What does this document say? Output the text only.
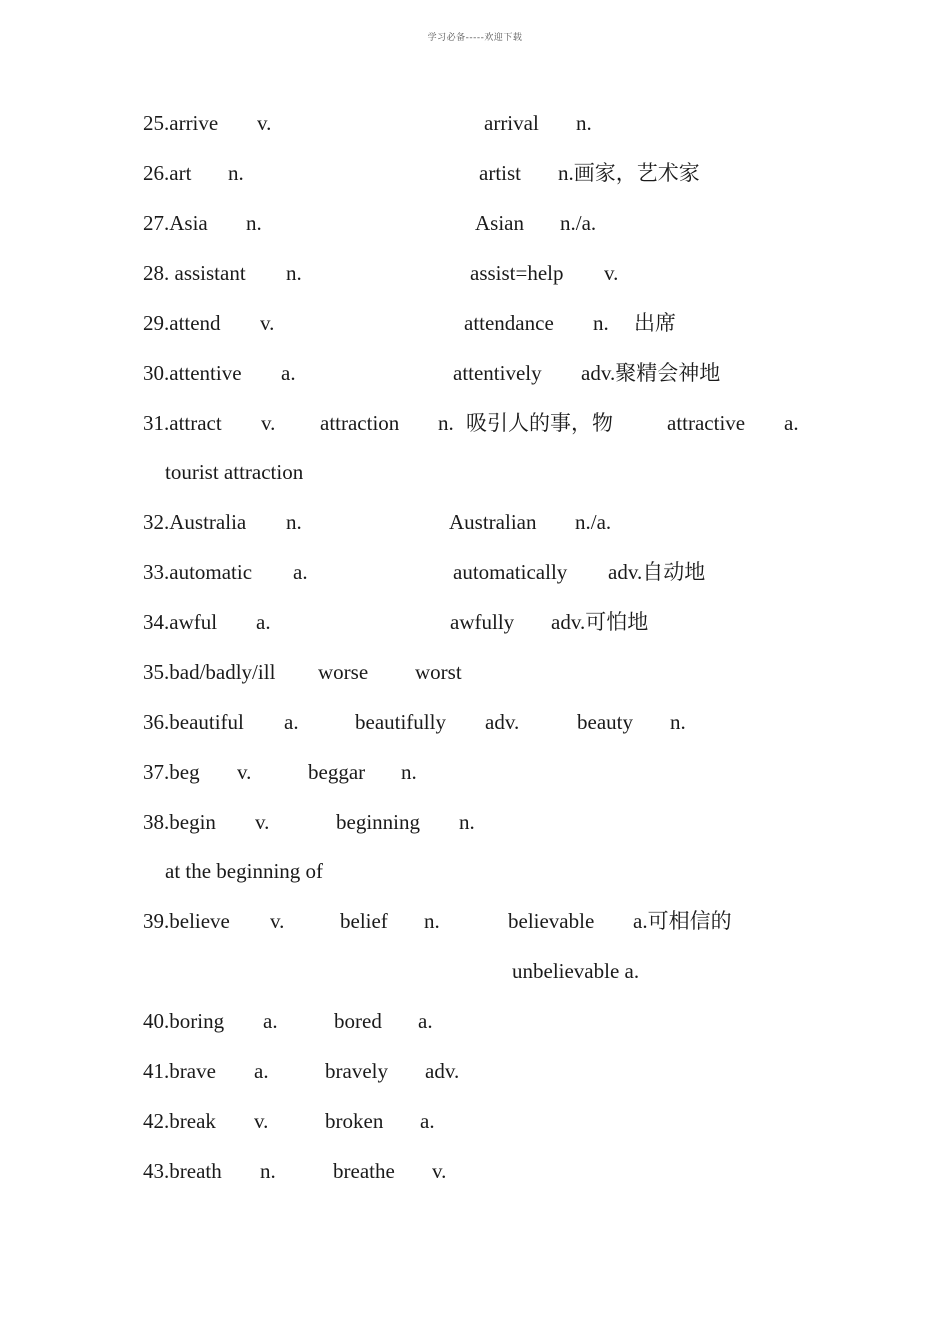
学习必备-----欢迎下载
25.arrive v.	arrival n.
26.art n.	artist n.画家，艺术家
27.Asia n.	Asian n./a.
28. assistant n.	assist=help v.
29.attend v.	attendance n. 出席
30.attentive a.	attentively adv.聚精会神地
31.attract v. attraction n. 吸引人的事，物	attractive a.
tourist attraction
32.Australia n.	Australian n./a.
33.automatic a.	automatically adv.自动地
34.awful a.	awfully adv.可怕地
35.bad/badly/ill worse worst
36.beautiful a.	beautifully adv.	beauty n.
37.beg v.	beggar n.
38.begin v.	beginning n.
at the beginning of
39.believe v.	belief n.	believable a.可相信的
unbelievable a.
40.boring a.	bored a.
41.brave a.	bravely adv.
42.break v.	broken a.
43.breath n.	breathe v.
